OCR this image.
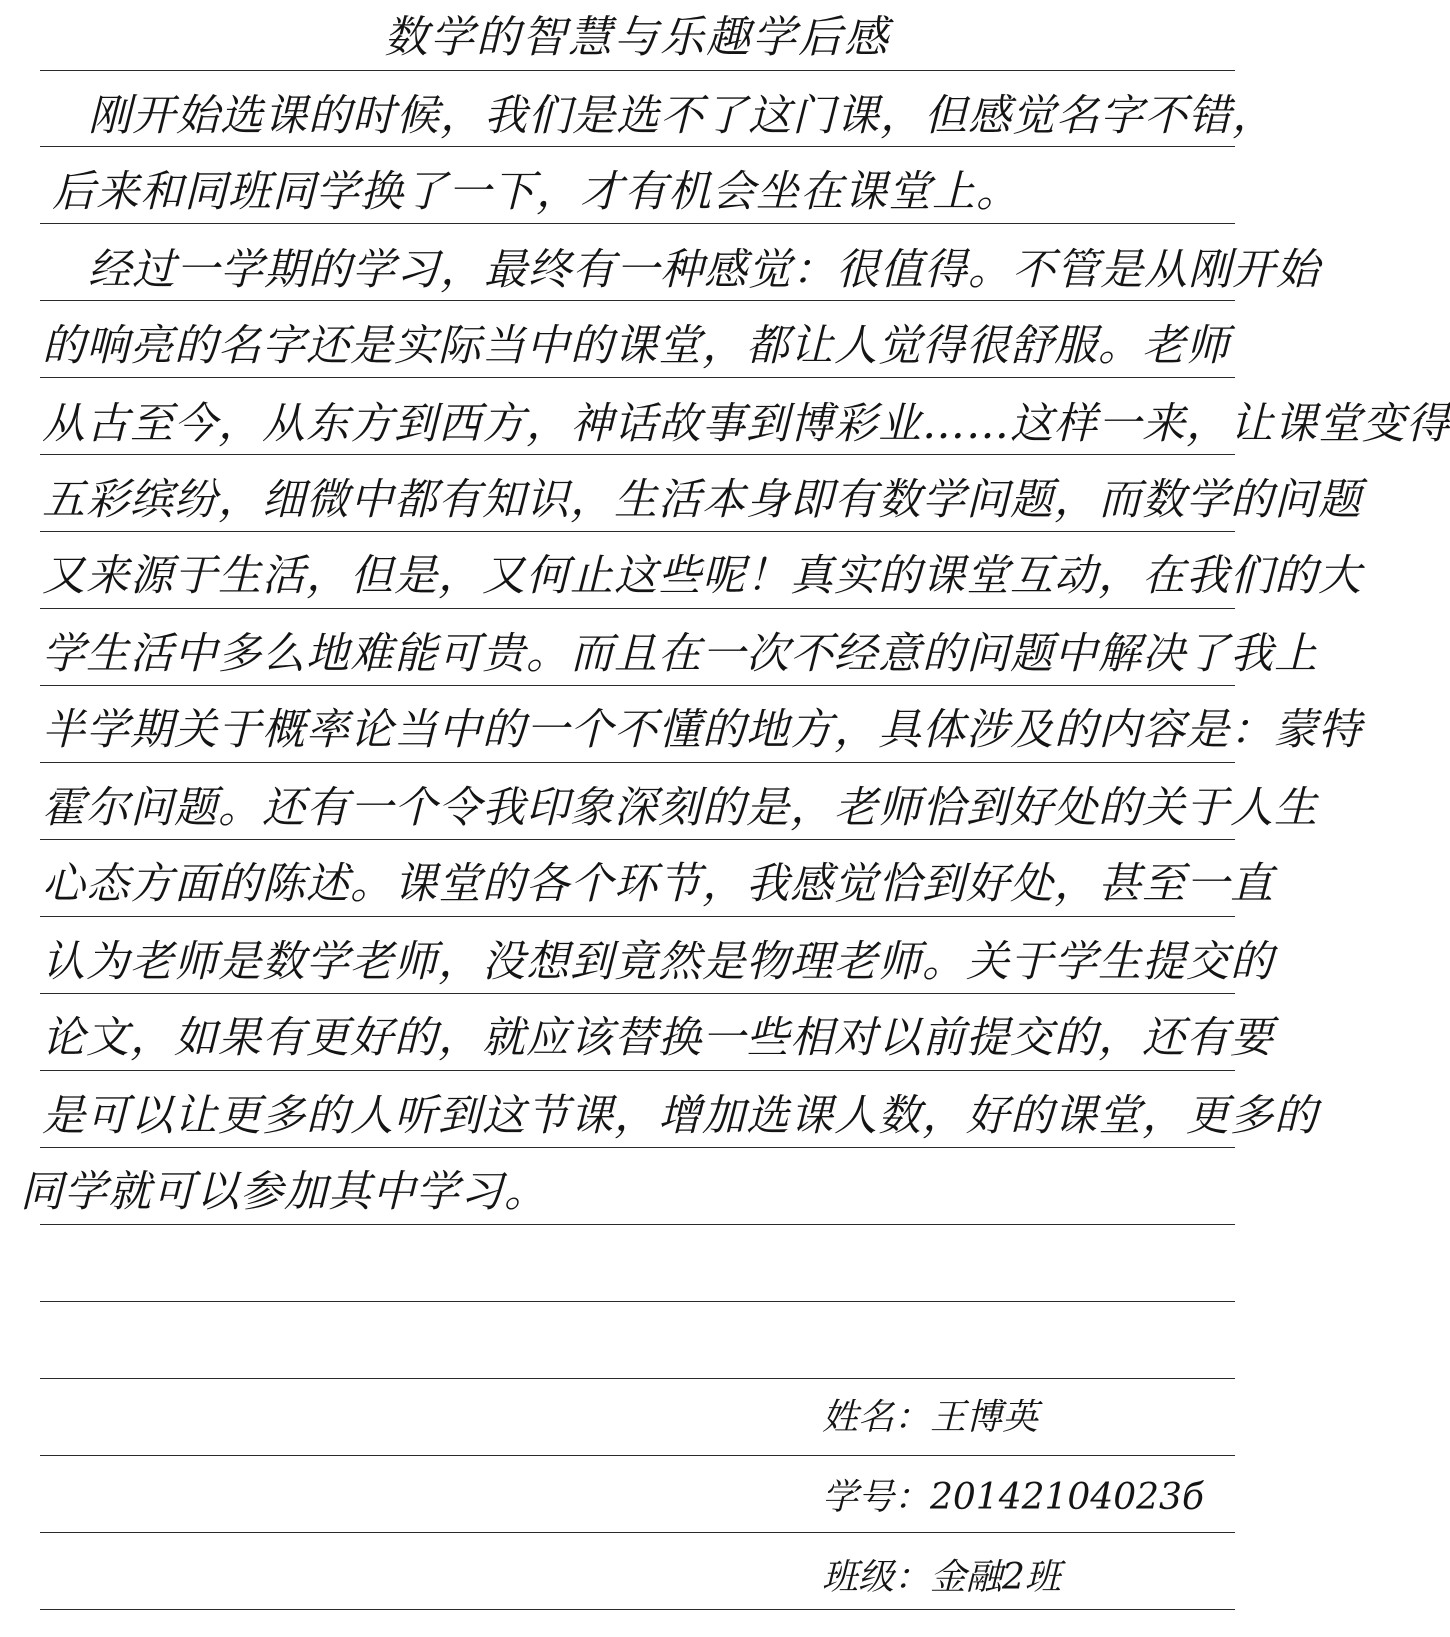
数学的智慧与乐趣学后感
刚开始选课的时候，我们是选不了这门课，但感觉名字不错，
后来和同班同学换了一下，才有机会坐在课堂上。
经过一学期的学习，最终有一种感觉：很值得。不管是从刚开始
的响亮的名字还是实际当中的课堂，都让人觉得很舒服。老师
从古至今，从东方到西方，神话故事到博彩业……这样一来，让课堂变得
五彩缤纷，细微中都有知识，生活本身即有数学问题，而数学的问题
又来源于生活，但是，又何止这些呢！真实的课堂互动，在我们的大
学生活中多么地难能可贵。而且在一次不经意的问题中解决了我上
半学期关于概率论当中的一个不懂的地方，具体涉及的内容是：蒙特
霍尔问题。还有一个令我印象深刻的是，老师恰到好处的关于人生
心态方面的陈述。课堂的各个环节，我感觉恰到好处，甚至一直
认为老师是数学老师，没想到竟然是物理老师。关于学生提交的
论文，如果有更好的，就应该替换一些相对以前提交的，还有要
是可以让更多的人听到这节课，增加选课人数，好的课堂，更多的
同学就可以参加其中学习。
姓名：王博英
学号：20142104023б
班级：金融2班
